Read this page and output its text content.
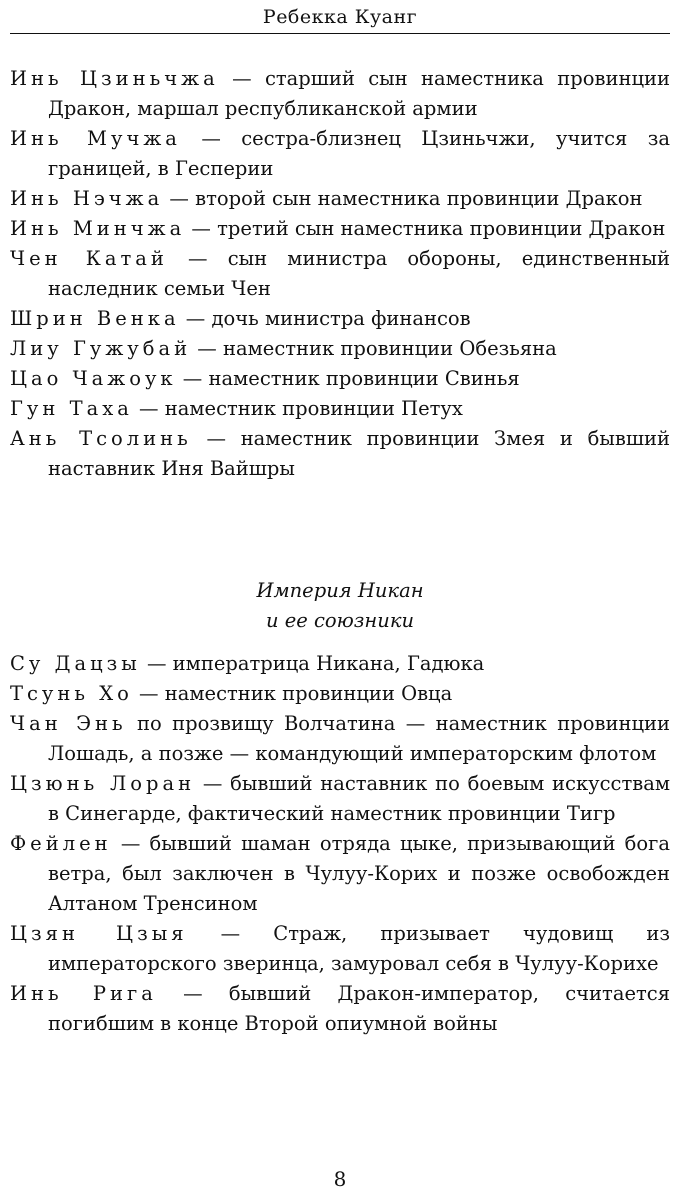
Ребекка Куанг

Инь Цзиньчжа — старший сын наместника провинции Дракон, маршал республиканской армии

Инь Мучжа — сестра-близнец Цзиньчжи, учится за границей, в Гесперии

Инь Нэчжа — второй сын наместника провинции Дракон

Инь Минчжа — третий сын наместника провинции Дракон

Чен Катай — сын министра обороны, единственный наследник семьи Чен

Шрин Венка — дочь министра финансов

Лиу Гужубай — наместник провинции Обезьяна

Цао Чажоук — наместник провинции Свинья

Гун Таха — наместник провинции Петух

Ань Тсолинь — наместник провинции Змея и бывший наставник Иня Вайшры

Империя Никан

и ее союзники

Су Дацзы — императрица Никана, Гадюка

Тсунь Хо — наместник провинции Овца

Чан Энь по прозвищу Волчатина — наместник провинции Лошадь, а позже — командующий императорским флотом

Цзюнь Лоран — бывший наставник по боевым искусствам в Синегарде, фактический наместник провинции Тигр

Фейлен — бывший шаман отряда цыке, призывающий бога ветра, был заключен в Чулуу-Корих и позже освобожден Алтаном Тренсином

Цзян Цзыя — Страж, призывает чудовищ из императорского зверинца, замуровал себя в Чулуу-Корихе

Инь Рига — бывший Дракон-император, считается погибшим в конце Второй опиумной войны

8
